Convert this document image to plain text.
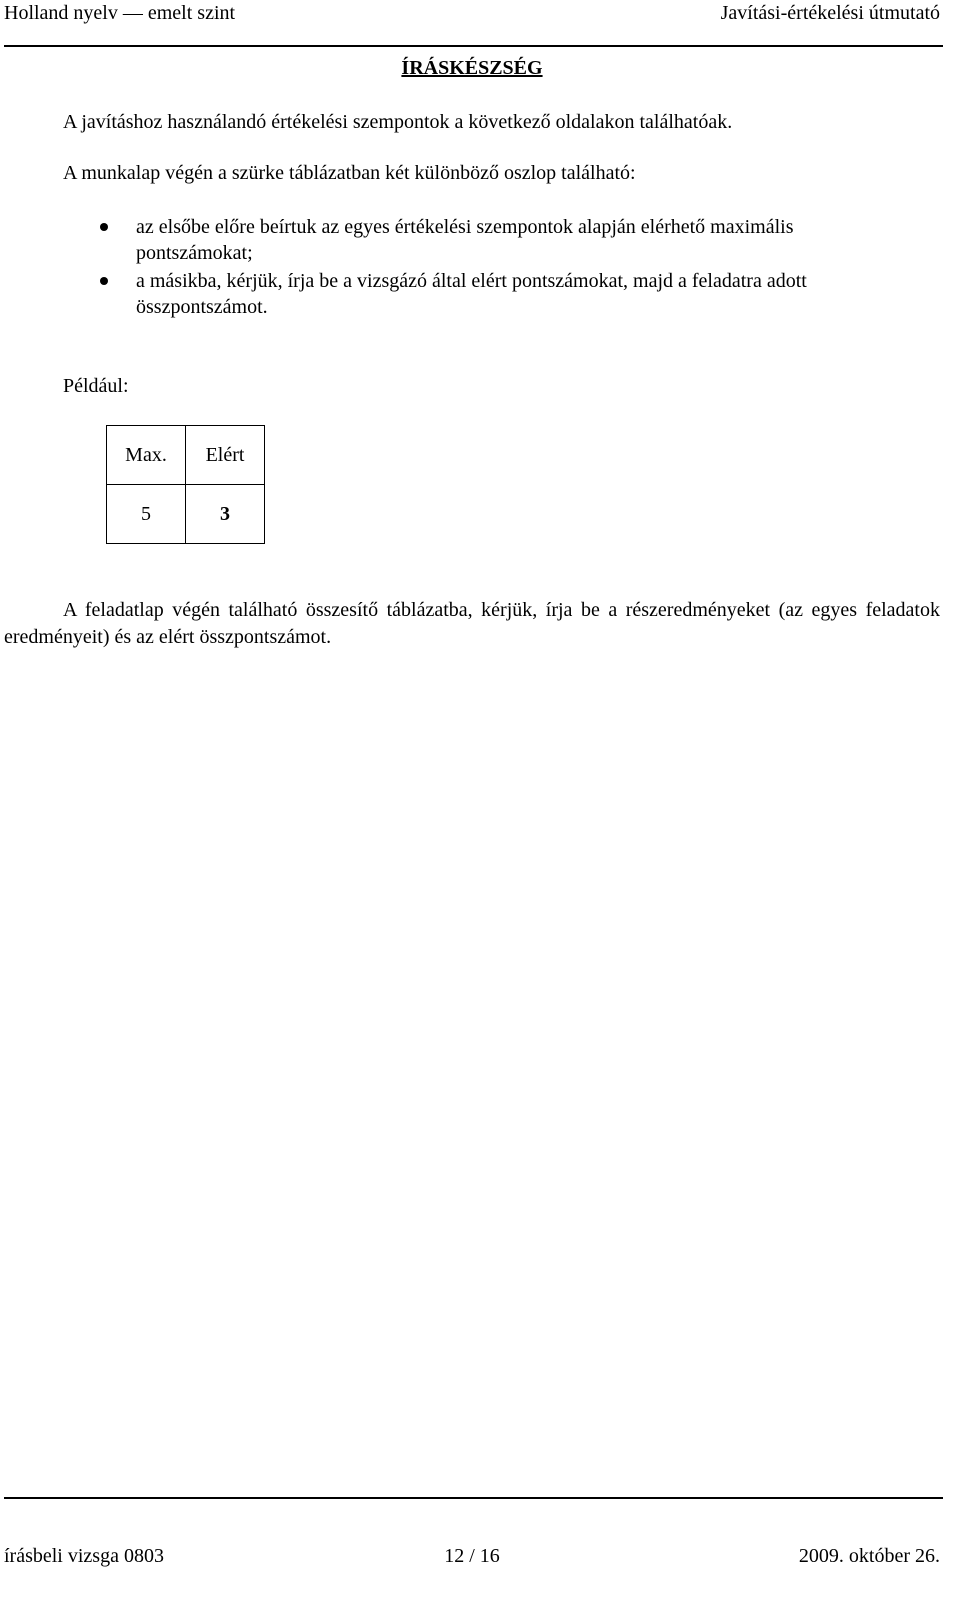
Holland nyelv — emelt szint	Javítási-értékelési útmutató
ÍRÁSKÉSZSÉG
A javításhoz használandó értékelési szempontok a következő oldalakon találhatóak.
A munkalap végén a szürke táblázatban két különböző oszlop található:
az elsőbe előre beírtuk az egyes értékelési szempontok alapján elérhető maximális pontszámokat;
a másikba, kérjük, írja be a vizsgázó által elért pontszámokat, majd a feladatra adott összpontszámot.
Például:
Max.	Elért
5	3
A feladatlap végén található összesítő táblázatba, kérjük, írja be a részeredményeket (az egyes feladatok eredményeit) és az elért összpontszámot.
írásbeli vizsga 0803	12 / 16	2009. október 26.
